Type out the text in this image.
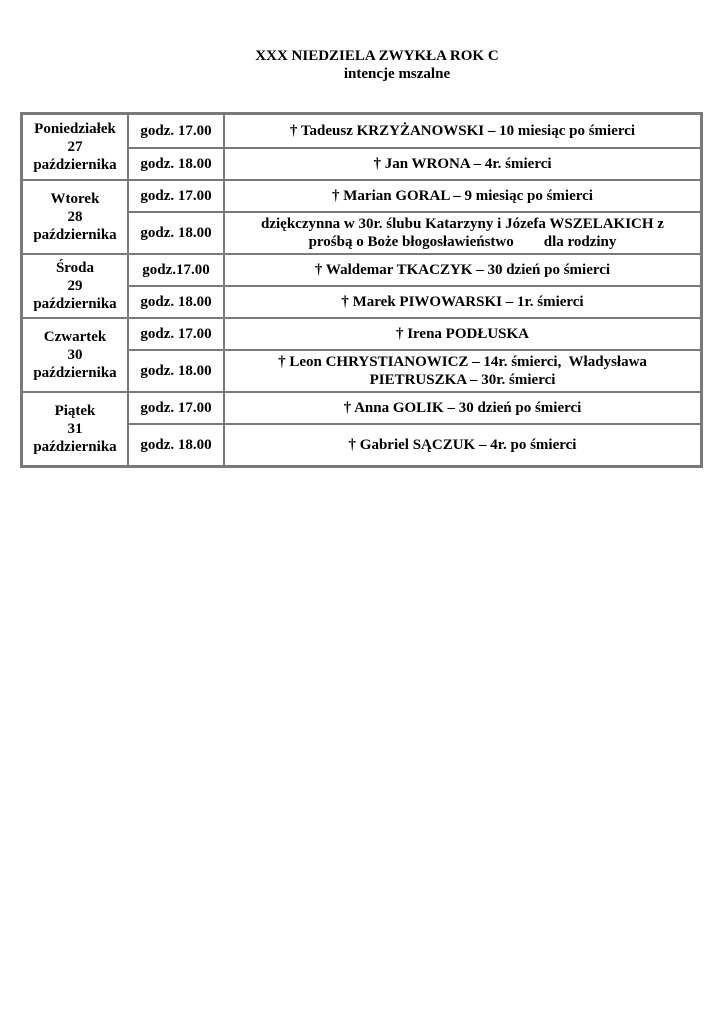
XXX NIEDZIELA ZWYKŁA ROK C
intencje mszalne
Poniedziałek
27
października	godz. 17.00	† Tadeusz KRZYŻANOWSKI – 10 miesiąc po śmierci

	godz. 18.00	† Jan WRONA – 4r. śmierci

Wtorek
28
października	godz. 17.00	† Marian GORAL – 9 miesiąc po śmierci

	godz. 18.00	dziękczynna w 30r. ślubu Katarzyny i Józefa WSZELAKICH z
prośbą o Boże błogosławieństwo        dla rodziny

Środa
29
października	godz.17.00	† Waldemar TKACZYK – 30 dzień po śmierci

	godz. 18.00	† Marek PIWOWARSKI – 1r. śmierci

Czwartek
30
października	godz. 17.00	† Irena PODŁUSKA

	godz. 18.00	† Leon CHRYSTIANOWICZ – 14r. śmierci,  Władysława
PIETRUSZKA – 30r. śmierci

Piątek
31
października	godz. 17.00	† Anna GOLIK – 30 dzień po śmierci

	godz. 18.00	† Gabriel SĄCZUK – 4r. po śmierci
